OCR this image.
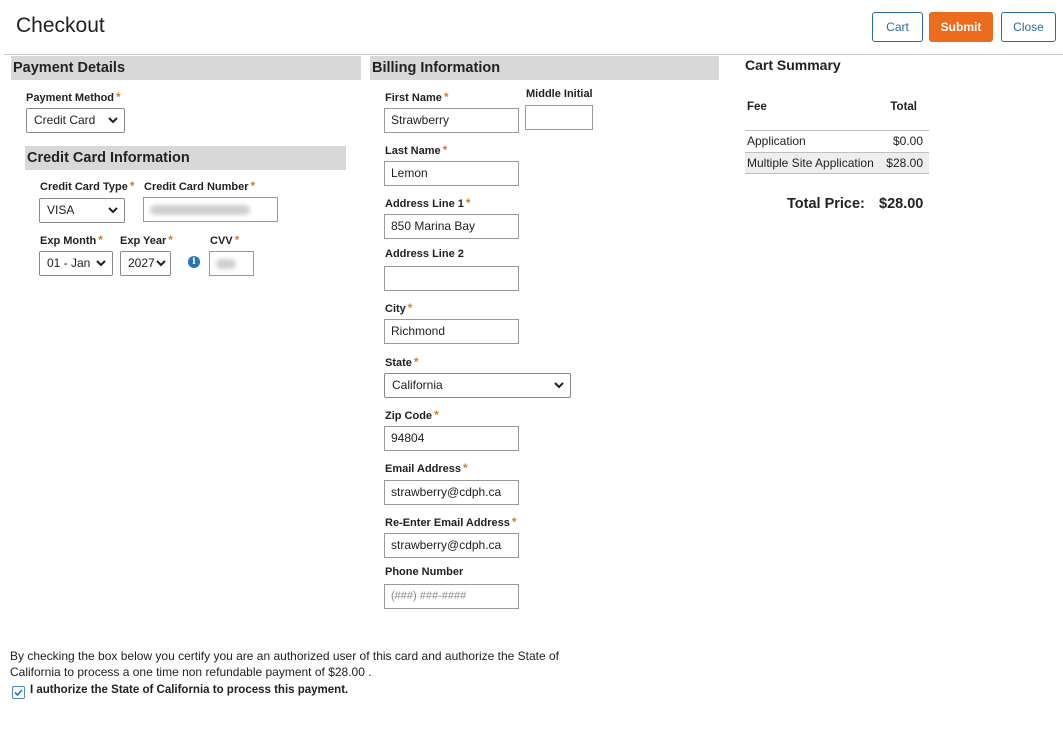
Checkout	Cart	Submit	Close
Payment Details
Payment Method *
Credit Card
Credit Card Information
Credit Card Type *
VISA
Credit Card Number *
Exp Month *
01 - Jan
Exp Year *
2027	i
CVV *
Billing Information
First Name *
Strawberry
Middle Initial
Last Name *
Lemon
Address Line 1 *
850 Marina Bay
Address Line 2
City *
Richmond
State *
California
Zip Code *
94804
Email Address *
strawberry@cdph.ca
Re-Enter Email Address *
strawberry@cdph.ca
Phone Number
(###) ###-####
Cart Summary
Fee	Total
Application	$0.00
Multiple Site Application $28.00
Total Price: $28.00
By checking the box below you certify you are an authorized user of this card and authorize the State of California to process a one time non refundable payment of $28.00 .
I authorize the State of California to process this payment.
